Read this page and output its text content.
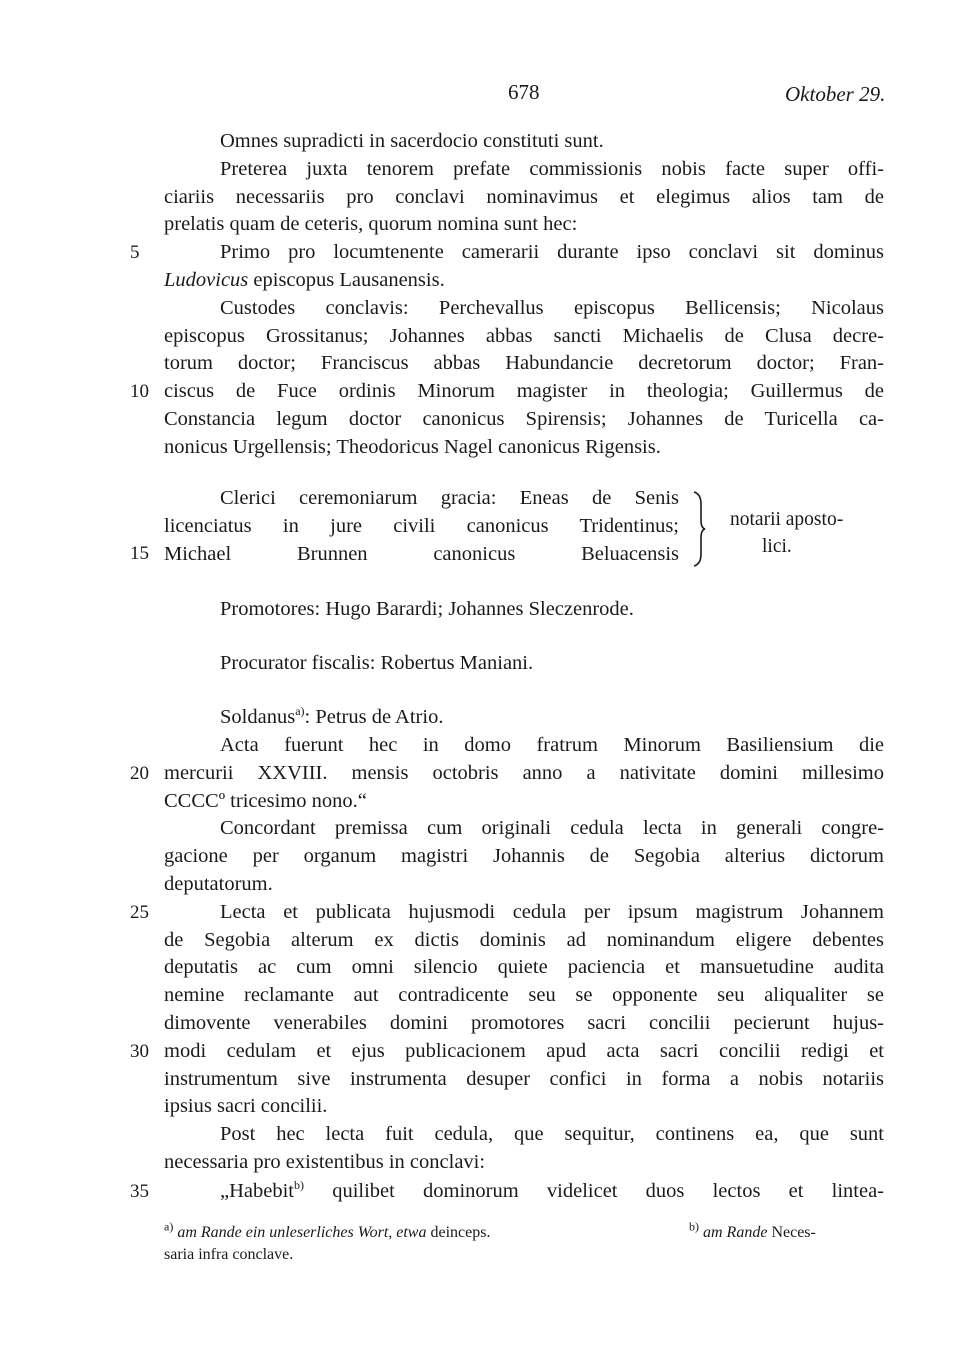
678	Oktober 29.
Omnes supradicti in sacerdocio constituti sunt.
Preterea juxta tenorem prefate commissionis nobis facte super offi-
ciariis necessariis pro conclavi nominavimus et elegimus alios tam de
prelatis quam de ceteris, quorum nomina sunt hec:
5	Primo pro locumtenente camerarii durante ipso conclavi sit dominus
Ludovicus episcopus Lausanensis.
Custodes conclavis: Perchevallus episcopus Bellicensis; Nicolaus
episcopus Grossitanus; Johannes abbas sancti Michaelis de Clusa decre-
torum doctor; Franciscus abbas Habundancie decretorum doctor; Fran-
10 ciscus de Fuce ordinis Minorum magister in theologia; Guillermus de
Constancia legum doctor canonicus Spirensis; Johannes de Turicella ca-
nonicus Urgellensis; Theodoricus Nagel canonicus Rigensis.
Clerici ceremoniarum gracia: Eneas de Senis
licenciatus in jure civili canonicus Tridentinus;
15 Michael Brunnen canonicus Beluacensis
notarii aposto-
lici.
Promotores: Hugo Barardi; Johannes Sleczenrode.
Procurator fiscalis: Robertus Maniani.
Soldanus$^{a)}$: Petrus de Atrio.
Acta fuerunt hec in domo fratrum Minorum Basiliensium die
20 mercurii XXVIII. mensis octobris anno a nativitate domini millesimo
CCCCº tricesimo nono.“
Concordant premissa cum originali cedula lecta in generali congre-
gacione per organum magistri Johannis de Segobia alterius dictorum
deputatorum.
25	Lecta et publicata hujusmodi cedula per ipsum magistrum Johannem
de Segobia alterum ex dictis dominis ad nominandum eligere debentes
deputatis ac cum omni silencio quiete paciencia et mansuetudine audita
nemine reclamante aut contradicente seu se opponente seu aliqualiter se
dimovente venerabiles domini promotores sacri concilii pecierunt hujus-
30 modi cedulam et ejus publicacionem apud acta sacri concilii redigi et
instrumentum sive instrumenta desuper confici in forma a nobis notariis
ipsius sacri concilii.
Post hec lecta fuit cedula, que sequitur, continens ea, que sunt
necessaria pro existentibus in conclavi:
35	„Habebit$^{b)}$ quilibet dominorum videlicet duos lectos et lintea-
$^{a)}$ am Rande ein unleserliches Wort, etwa deinceps.	$^{b)}$ am Rande Neces-
saria infra conclave.
